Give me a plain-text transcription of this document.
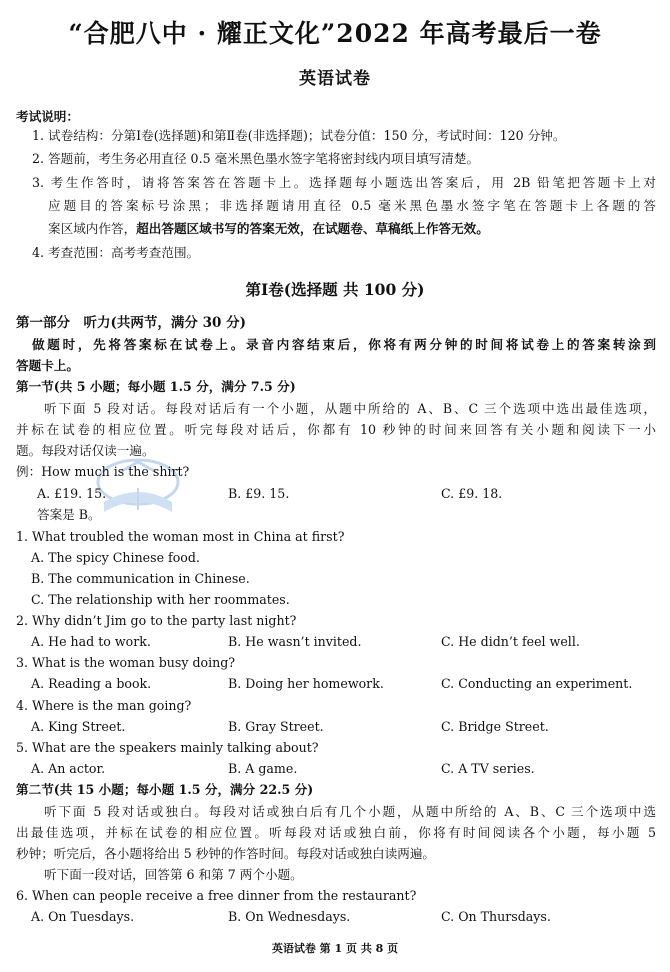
“合肥八中 · 耀正文化”2022 年高考最后一卷
英语试卷
考试说明：
1. 试卷结构：分第Ⅰ卷(选择题)和第Ⅱ卷(非选择题)；试卷分值：150 分，考试时间：120 分钟。
2. 答题前，考生务必用直径 0.5 毫米黑色墨水签字笔将密封线内项目填写清楚。
3. 考生作答时，请将答案答在答题卡上。选择题每小题选出答案后，用 2B 铅笔把答题卡上对
应题目的答案标号涂黑；非选择题请用直径 0.5 毫米黑色墨水签字笔在答题卡上各题的答
案区域内作答，超出答题区域书写的答案无效，在试题卷、草稿纸上作答无效。
4. 考查范围：高考考查范围。
第Ⅰ卷(选择题 共 100 分)
第一部分　听力(共两节，满分 30 分)
做题时，先将答案标在试卷上。录音内容结束后，你将有两分钟的时间将试卷上的答案转涂到
答题卡上。
第一节(共 5 小题；每小题 1.5 分，满分 7.5 分)
听下面 5 段对话。每段对话后有一个小题，从题中所给的 A、B、C 三个选项中选出最佳选项，
并标在试卷的相应位置。听完每段对话后，你都有 10 秒钟的时间来回答有关小题和阅读下一小
题。每段对话仅读一遍。
例：How much is the shirt?
A. £19. 15.	B. £9. 15.	C. £9. 18.
答案是 B。
1. What troubled the woman most in China at first?
A. The spicy Chinese food.
B. The communication in Chinese.
C. The relationship with her roommates.
2. Why didn’t Jim go to the party last night?
A. He had to work.	B. He wasn’t invited.	C. He didn’t feel well.
3. What is the woman busy doing?
A. Reading a book.	B. Doing her homework.	C. Conducting an experiment.
4. Where is the man going?
A. King Street.	B. Gray Street.	C. Bridge Street.
5. What are the speakers mainly talking about?
A. An actor.	B. A game.	C. A TV series.
第二节(共 15 小题；每小题 1.5 分，满分 22.5 分)
听下面 5 段对话或独白。每段对话或独白后有几个小题，从题中所给的 A、B、C 三个选项中选
出最佳选项，并标在试卷的相应位置。听每段对话或独白前，你将有时间阅读各个小题，每小题 5
秒钟；听完后，各小题将给出 5 秒钟的作答时间。每段对话或独白读两遍。
听下面一段对话，回答第 6 和第 7 两个小题。
6. When can people receive a free dinner from the restaurant?
A. On Tuesdays.	B. On Wednesdays.	C. On Thursdays.
英语试卷 第 1 页 共 8 页
